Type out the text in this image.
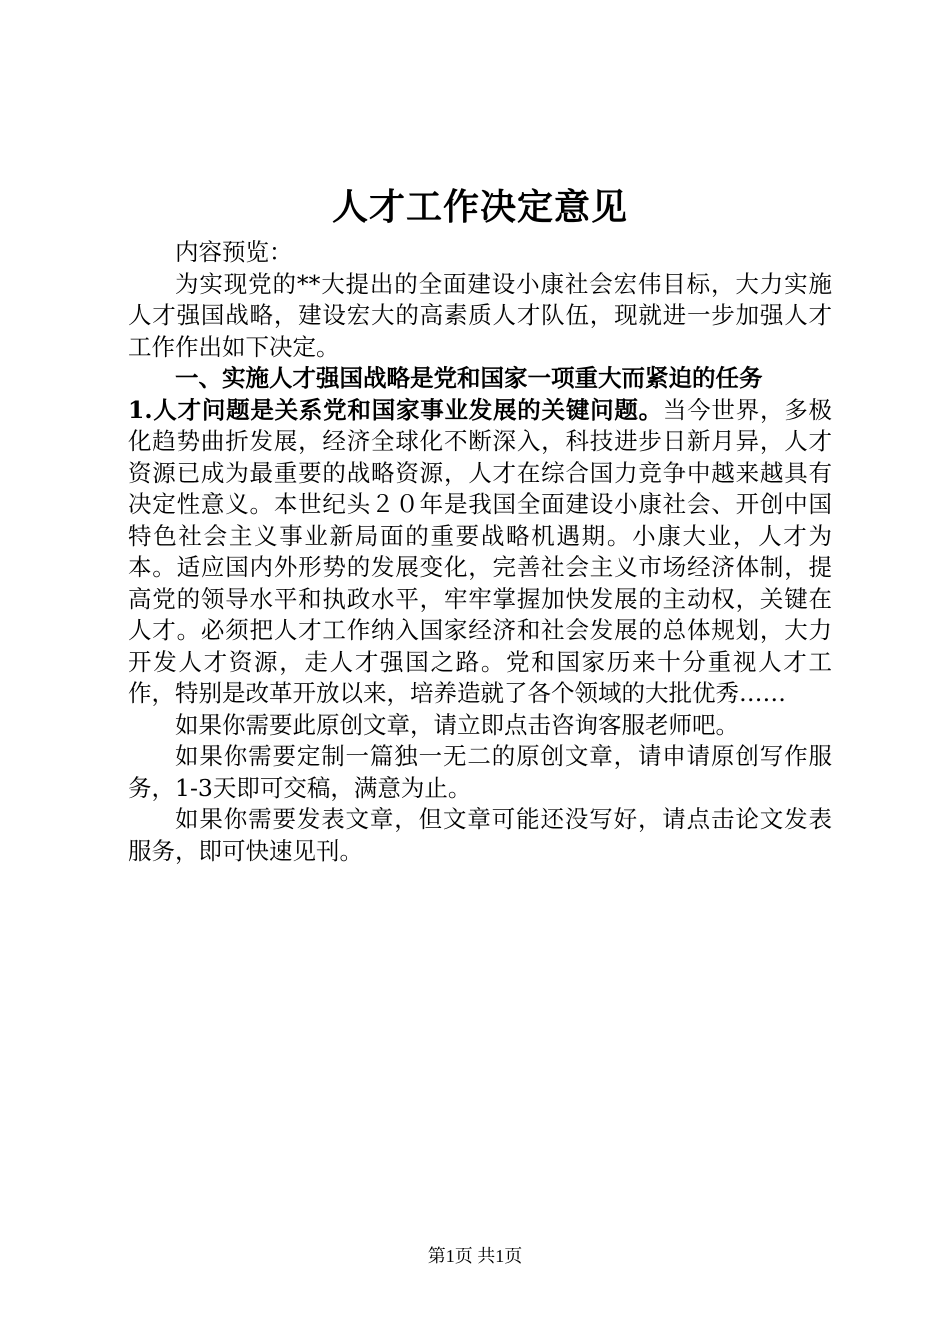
人才工作决定意见

内容预览：

为实现党的**大提出的全面建设小康社会宏伟目标，大力实施人才强国战略，建设宏大的高素质人才队伍，现就进一步加强人才工作作出如下决定。

一、实施人才强国战略是党和国家一项重大而紧迫的任务

1.人才问题是关系党和国家事业发展的关键问题。当今世界，多极化趋势曲折发展，经济全球化不断深入，科技进步日新月异，人才资源已成为最重要的战略资源，人才在综合国力竞争中越来越具有决定性意义。本世纪头２０年是我国全面建设小康社会、开创中国特色社会主义事业新局面的重要战略机遇期。小康大业，人才为本。适应国内外形势的发展变化，完善社会主义市场经济体制，提高党的领导水平和执政水平，牢牢掌握加快发展的主动权，关键在人才。必须把人才工作纳入国家经济和社会发展的总体规划，大力开发人才资源，走人才强国之路。党和国家历来十分重视人才工作，特别是改革开放以来，培养造就了各个领域的大批优秀……

如果你需要此原创文章，请立即点击咨询客服老师吧。

如果你需要定制一篇独一无二的原创文章，请申请原创写作服务，1-3天即可交稿，满意为止。

如果你需要发表文章，但文章可能还没写好，请点击论文发表服务，即可快速见刊。

第1页 共1页
